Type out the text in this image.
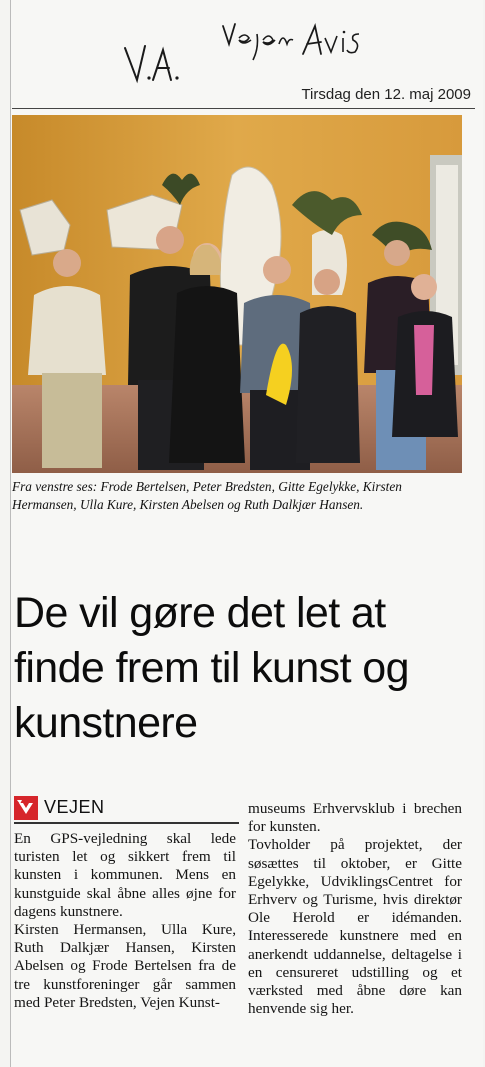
Tirsdag den 12. maj 2009
Fra venstre ses: Frode Bertelsen, Peter Bredsten, Gitte Egelykke, Kirsten Hermansen, Ulla Kure, Kirsten Abelsen og Ruth Dalkjær Hansen.
De vil gøre det let at finde frem til kunst og kunstnere
VEJEN

En GPS-vejledning skal lede turisten let og sikkert frem til kunsten i kommunen. Mens en kunstguide skal åbne alles øjne for dagens kunstnere.

Kirsten Hermansen, Ulla Kure, Ruth Dalkjær Hansen, Kirsten Abelsen og Frode Bertelsen fra de tre kunstforeninger går sammen med Peter Bredsten, Vejen Kunst-

museums Erhvervsklub i brechen for kunsten.

Tovholder på projektet, der søsættes til oktober, er Gitte Egelykke, UdviklingsCentret for Erhverv og Turisme, hvis direktør Ole Herold er idémanden. Interesserede kunstnere med en anerkendt uddannelse, deltagelse i en censureret udstilling og et værksted med åbne døre kan henvende sig her.
